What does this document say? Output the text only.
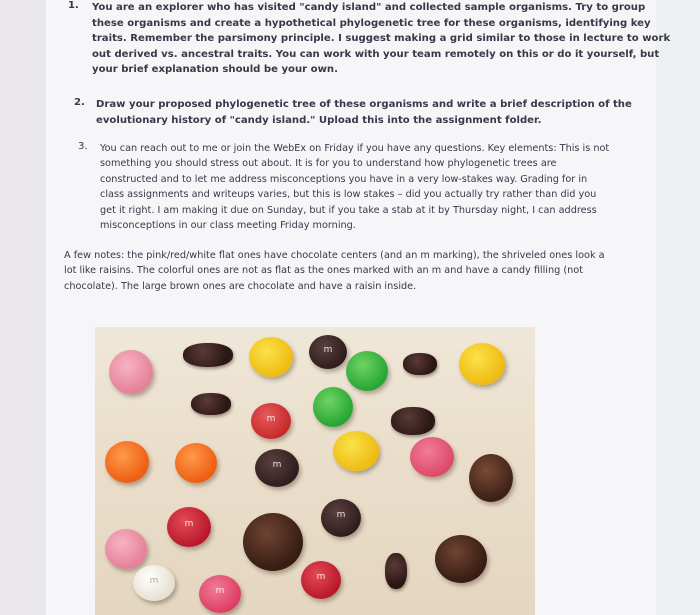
1. You are an explorer who has visited "candy island" and collected sample organisms. Try to group
these organisms and create a hypothetical phylogenetic tree for these organisms, identifying key
traits. Remember the parsimony principle. I suggest making a grid similar to those in lecture to work
out derived vs. ancestral traits. You can work with your team remotely on this or do it yourself, but
your brief explanation should be your own.
2. Draw your proposed phylogenetic tree of these organisms and write a brief description of the
evolutionary history of "candy island." Upload this into the assignment folder.
3. You can reach out to me or join the WebEx on Friday if you have any questions. Key elements: This is not
something you should stress out about. It is for you to understand how phylogenetic trees are
constructed and to let me address misconceptions you have in a very low-stakes way. Grading for in
class assignments and writeups varies, but this is low stakes – did you actually try rather than did you
get it right. I am making it due on Sunday, but if you take a stab at it by Thursday night, I can address
misconceptions in our class meeting Friday morning.
A few notes: the pink/red/white flat ones have chocolate centers (and an m marking), the shriveled ones look a
lot like raisins. The colorful ones are not as flat as the ones marked with an m and have a candy filling (not
chocolate). The large brown ones are chocolate and have a raisin inside.
m
m
m
m
m
m
m
m
